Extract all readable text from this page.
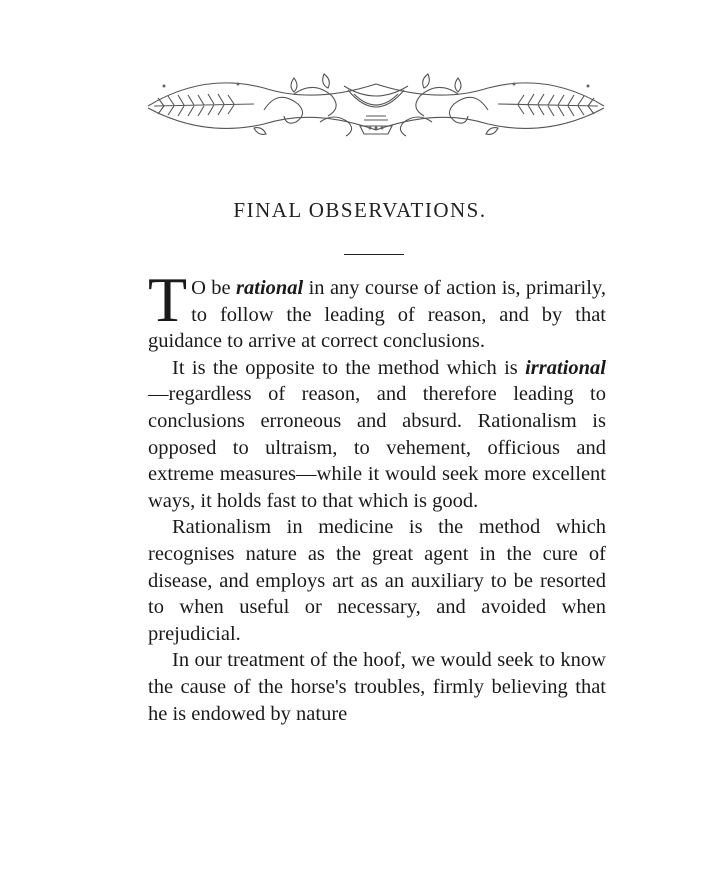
FINAL OBSERVATIONS.

T O be rational in any course of action is, primarily, to follow the leading of reason, and by that guidance to arrive at correct conclusions.

It is the opposite to the method which is irrational—regardless of reason, and therefore leading to conclusions erroneous and absurd. Rationalism is opposed to ultraism, to vehement, officious and extreme measures—while it would seek more excellent ways, it holds fast to that which is good.

Rationalism in medicine is the method which recognises nature as the great agent in the cure of disease, and employs art as an auxiliary to be resorted to when useful or necessary, and avoided when prejudicial.

In our treatment of the hoof, we would seek to know the cause of the horse's troubles, firmly believing that he is endowed by nature
